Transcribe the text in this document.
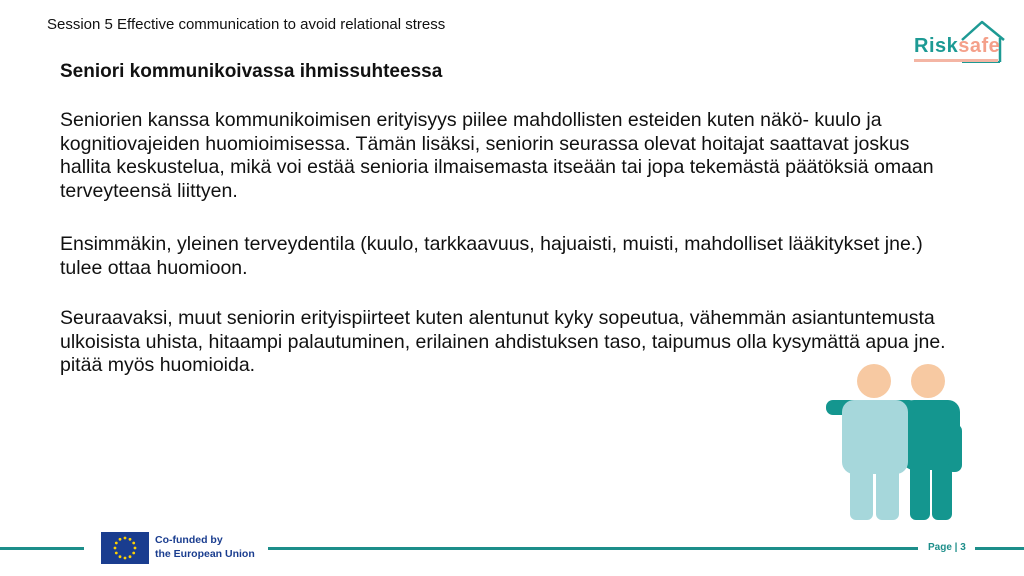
Session 5 Effective communication to avoid relational stress
Risksafe
Seniori kommunikoivassa ihmissuhteessa

Seniorien kanssa kommunikoimisen erityisyys piilee mahdollisten esteiden kuten näkö- kuulo ja kognitiovajeiden huomioimisessa. Tämän lisäksi, seniorin seurassa olevat hoitajat saattavat joskus hallita keskustelua, mikä voi estää senioria ilmaisemasta itseään tai jopa tekemästä päätöksiä omaan terveyteensä liittyen.

Ensimmäkin, yleinen terveydentila (kuulo, tarkkaavuus, hajuaisti, muisti, mahdolliset lääkitykset jne.) tulee ottaa huomioon.

Seuraavaksi, muut seniorin erityispiirteet kuten alentunut kyky sopeutua, vähemmän asiantuntemusta ulkoisista uhista, hitaampi palautuminen, erilainen ahdistuksen taso, taipumus olla kysymättä apua jne. pitää myös huomioida.

Co-funded by
the European Union
Page | 3
